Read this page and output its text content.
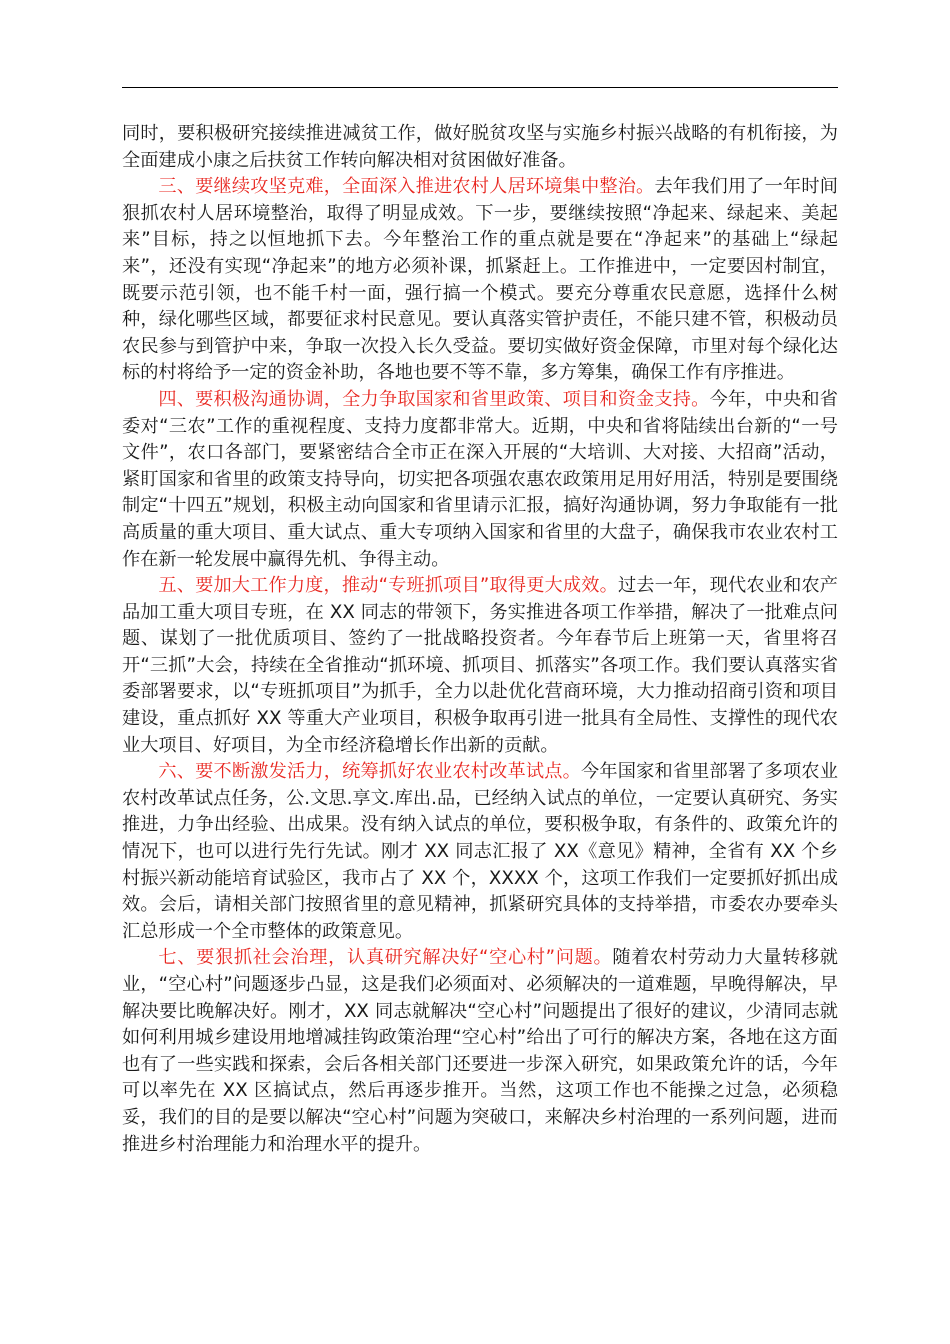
同时，要积极研究接续推进减贫工作，做好脱贫攻坚与实施乡村振兴战略的有机衔接，为全面建成小康之后扶贫工作转向解决相对贫困做好准备。

三、要继续攻坚克难，全面深入推进农村人居环境集中整治。去年我们用了一年时间狠抓农村人居环境整治，取得了明显成效。下一步，要继续按照“净起来、绿起来、美起来”目标，持之以恒地抓下去。今年整治工作的重点就是要在“净起来”的基础上“绿起来”，还没有实现“净起来”的地方必须补课，抓紧赶上。工作推进中，一定要因村制宜，既要示范引领，也不能千村一面，强行搞一个模式。要充分尊重农民意愿，选择什么树种，绿化哪些区域，都要征求村民意见。要认真落实管护责任，不能只建不管，积极动员农民参与到管护中来，争取一次投入长久受益。要切实做好资金保障，市里对每个绿化达标的村将给予一定的资金补助，各地也要不等不靠，多方筹集，确保工作有序推进。

四、要积极沟通协调，全力争取国家和省里政策、项目和资金支持。今年，中央和省委对“三农”工作的重视程度、支持力度都非常大。近期，中央和省将陆续出台新的“一号文件”，农口各部门，要紧密结合全市正在深入开展的“大培训、大对接、大招商”活动，紧盯国家和省里的政策支持导向，切实把各项强农惠农政策用足用好用活，特别是要围绕制定“十四五”规划，积极主动向国家和省里请示汇报，搞好沟通协调，努力争取能有一批高质量的重大项目、重大试点、重大专项纳入国家和省里的大盘子，确保我市农业农村工作在新一轮发展中赢得先机、争得主动。

五、要加大工作力度，推动“专班抓项目”取得更大成效。过去一年，现代农业和农产品加工重大项目专班，在 XX 同志的带领下，务实推进各项工作举措，解决了一批难点问题、谋划了一批优质项目、签约了一批战略投资者。今年春节后上班第一天，省里将召开“三抓”大会，持续在全省推动“抓环境、抓项目、抓落实”各项工作。我们要认真落实省委部署要求，以“专班抓项目”为抓手，全力以赴优化营商环境，大力推动招商引资和项目建设，重点抓好 XX 等重大产业项目，积极争取再引进一批具有全局性、支撑性的现代农业大项目、好项目，为全市经济稳增长作出新的贡献。

六、要不断激发活力，统筹抓好农业农村改革试点。今年国家和省里部署了多项农业农村改革试点任务，公.文思.享文.库出.品，已经纳入试点的单位，一定要认真研究、务实推进，力争出经验、出成果。没有纳入试点的单位，要积极争取，有条件的、政策允许的情况下，也可以进行先行先试。刚才 XX 同志汇报了 XX《意见》精神，全省有 XX 个乡村振兴新动能培育试验区，我市占了 XX 个，XXXX 个，这项工作我们一定要抓好抓出成效。会后，请相关部门按照省里的意见精神，抓紧研究具体的支持举措，市委农办要牵头汇总形成一个全市整体的政策意见。

七、要狠抓社会治理，认真研究解决好“空心村”问题。随着农村劳动力大量转移就业，“空心村”问题逐步凸显，这是我们必须面对、必须解决的一道难题，早晚得解决，早解决要比晚解决好。刚才，XX 同志就解决“空心村”问题提出了很好的建议，少清同志就如何利用城乡建设用地增减挂钩政策治理“空心村”给出了可行的解决方案，各地在这方面也有了一些实践和探索，会后各相关部门还要进一步深入研究，如果政策允许的话，今年可以率先在 XX 区搞试点，然后再逐步推开。当然，这项工作也不能操之过急，必须稳妥，我们的目的是要以解决“空心村”问题为突破口，来解决乡村治理的一系列问题，进而推进乡村治理能力和治理水平的提升。
